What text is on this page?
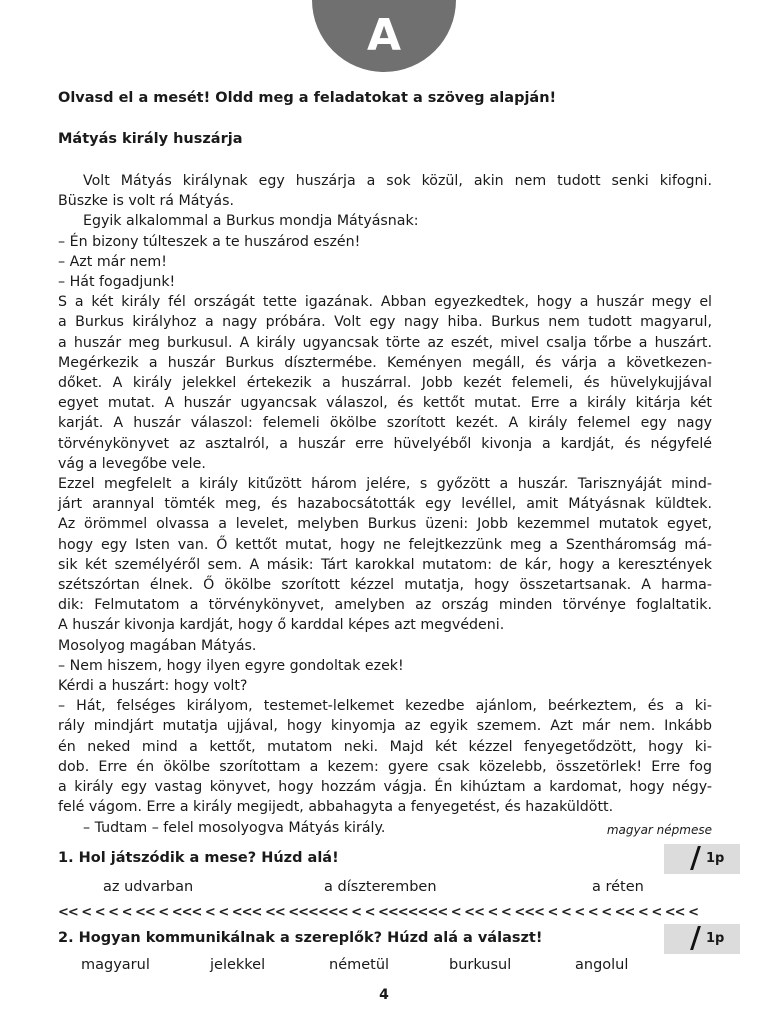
A
Olvasd el a mesét! Oldd meg a feladatokat a szöveg alapján!
Mátyás király huszárja
Volt Mátyás királynak egy huszárja a sok közül, akin nem tudott senki kifogni.
Büszke is volt rá Mátyás.
Egyik alkalommal a Burkus mondja Mátyásnak:
– Én bizony túlteszek a te huszárod eszén!
– Azt már nem!
– Hát fogadjunk!
S a két király fél országát tette igazának. Abban egyezkedtek, hogy a huszár megy el
a Burkus királyhoz a nagy próbára. Volt egy nagy hiba. Burkus nem tudott magyarul,
a huszár meg burkusul. A király ugyancsak törte az eszét, mivel csalja tőrbe a huszárt.
Megérkezik a huszár Burkus dísztermébe. Keményen megáll, és várja a következen-
dőket. A király jelekkel értekezik a huszárral. Jobb kezét felemeli, és hüvelykujjával
egyet mutat. A huszár ugyancsak válaszol, és kettőt mutat. Erre a király kitárja két
karját. A huszár válaszol: felemeli ökölbe szorított kezét. A király felemel egy nagy
törvénykönyvet az asztalról, a huszár erre hüvelyéből kivonja a kardját, és négyfelé
vág a levegőbe vele.
Ezzel megfelelt a király kitűzött három jelére, s győzött a huszár. Tarisznyáját mind-
járt arannyal tömték meg, és hazabocsátották egy levéllel, amit Mátyásnak küldtek.
Az örömmel olvassa a levelet, melyben Burkus üzeni: Jobb kezemmel mutatok egyet,
hogy egy Isten van. Ő kettőt mutat, hogy ne felejtkezzünk meg a Szentháromság má-
sik két személyéről sem. A másik: Tárt karokkal mutatom: de kár, hogy a keresztények
szétszórtan élnek. Ő ökölbe szorított kézzel mutatja, hogy összetartsanak. A harma-
dik: Felmutatom a törvénykönyvet, amelyben az ország minden törvénye foglaltatik.
A huszár kivonja kardját, hogy ő karddal képes azt megvédeni.
Mosolyog magában Mátyás.
– Nem hiszem, hogy ilyen egyre gondoltak ezek!
Kérdi a huszárt: hogy volt?
– Hát, felséges királyom, testemet-lelkemet kezedbe ajánlom, beérkeztem, és a ki-
rály mindjárt mutatja ujjával, hogy kinyomja az egyik szemem. Azt már nem. Inkább
én neked mind a kettőt, mutatom neki. Majd két kézzel fenyegetődzött, hogy ki-
dob. Erre én ökölbe szorítottam a kezem: gyere csak közelebb, összetörlek! Erre fog
a király egy vastag könyvet, hogy hozzám vágja. Én kihúztam a kardomat, hogy négy-
felé vágom. Erre a király megijedt, abbahagyta a fenyegetést, és hazaküldött.
– Tudtam – felel mosolyogva Mátyás király.	magyar népmese
1. Hol játszódik a mese? Húzd alá!	1p
az udvarban	a díszteremben	a réten
<< < < < < << < <<< < < <<< << <<<<<< < < <<<<<<< < << < < <<< < < < < < << < < << <
2. Hogyan kommunikálnak a szereplők? Húzd alá a választ!	1p
magyarul	jelekkel	németül	burkusul	angolul
4
